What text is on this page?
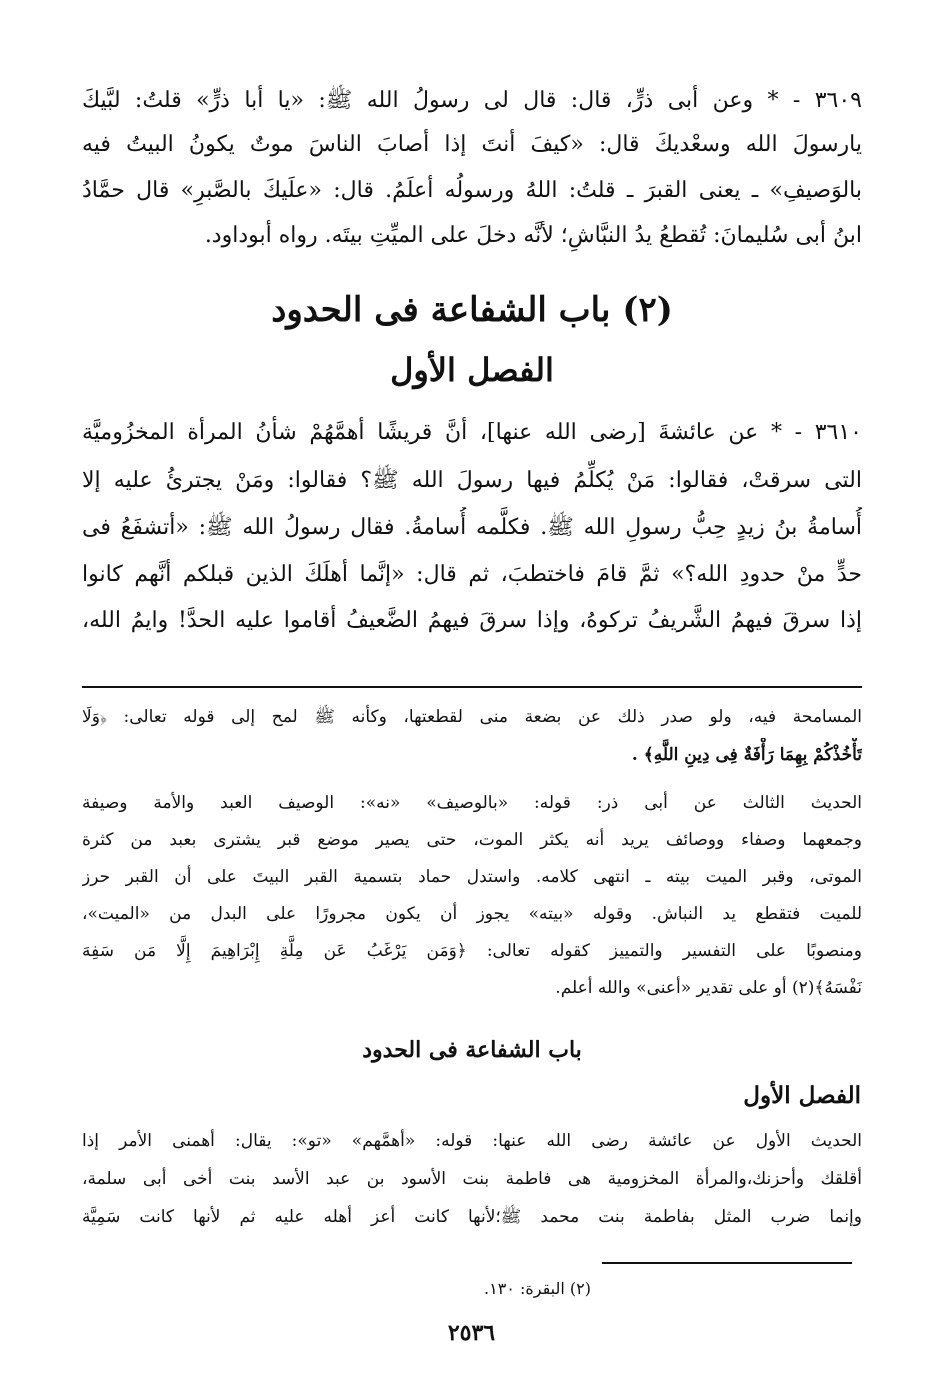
٣٦٠٩ - * وعن أبى ذرٍّ، قال: قال لى رسولُ الله ﷺ: «يا أبا ذرٍّ» قلتُ: لبَّيكَ
يارسولَ الله وسعْديكَ قال: «كيفَ أنتَ إذا أصابَ الناسَ موتٌ يكونُ البيتُ فيه
بالوَصيفِ» ـ يعنى القبرَ ـ قلتُ: اللهُ ورسولُه أعلَمُ. قال: «علَيكَ بالصَّبرِ» قال حمَّادُ
ابنُ أبى سُليمانَ: تُقطعُ يدُ النبَّاشِ؛ لأنَّه دخلَ على الميِّتِ بيتَه. رواه أبوداود.
(٢) باب الشفاعة فى الحدود
الفصل الأول
٣٦١٠ - * عن عائشةَ [رضى الله عنها]، أنَّ قريشًا أهمَّهُمْ شأنُ المرأة المخزُوميَّة
التى سرقتْ، فقالوا: مَنْ يُكلِّمُ فيها رسولَ الله ﷺ؟ فقالوا: ومَنْ يجترئُ عليه إلا
أُسامةُ بنُ زيدٍ حِبُّ رسولِ الله ﷺ. فكلَّمه أُسامةُ. فقال رسولُ الله ﷺ: «أتشفَعُ فى
حدٍّ منْ حدودِ الله؟» ثمَّ قامَ فاختطبَ، ثم قال: «إنَّما أهلَكَ الذين قبلكم أنَّهم كانوا
إذا سرقَ فيهمُ الشَّريفُ تركوهُ، وإذا سرقَ فيهمُ الضَّعيفُ أقاموا عليه الحدَّ! وايمُ الله،
المسامحة فيه، ولو صدر ذلك عن بضعة منى لقطعتها، وكأنه ﷺ لمح إلى قوله تعالى: ﴿وَلَا
تَأْخُذْكُمْ بِهِمَا رَأْفَةٌ فِى دِينِ اللَّهِ﴾ .
الحديث الثالث عن أبى ذر: قوله: «بالوصيف» «نه»: الوصيف العبد والأمة وصيفة
وجمعهما وصفاء ووصائف يريد أنه يكثر الموت، حتى يصير موضع قبر يشترى بعبد من كثرة
الموتى، وقبر الميت بيته ـ انتهى كلامه. واستدل حماد بتسمية القبر البيتَ على أن القبر حرز
للميت فتقطع يد النباش. وقوله «بيته» يجوز أن يكون مجرورًا على البدل من «الميت»،
ومنصوبًا على التفسير والتمييز كقوله تعالى: ﴿وَمَن يَرْغَبُ عَن مِلَّةِ إِبْرَاهِيمَ إِلَّا مَن سَفِهَ
نَفْسَهُ﴾(٢) أو على تقدير «أعنى» والله أعلم.
باب الشفاعة فى الحدود
الفصل الأول
الحديث الأول عن عائشة رضى الله عنها: قوله: «أهمَّهم» «تو»: يقال: أهمنى الأمر إذا
أقلقك وأحزنك،والمرأة المخزومية هى فاطمة بنت الأسود بن عبد الأسد بنت أخى أبى سلمة،
وإنما ضرب المثل بفاطمة بنت محمد ﷺ؛لأنها كانت أعز أهله عليه ثم لأنها كانت سَمِيَّة
(٢) البقرة: ١٣٠.
٢٥٣٦
